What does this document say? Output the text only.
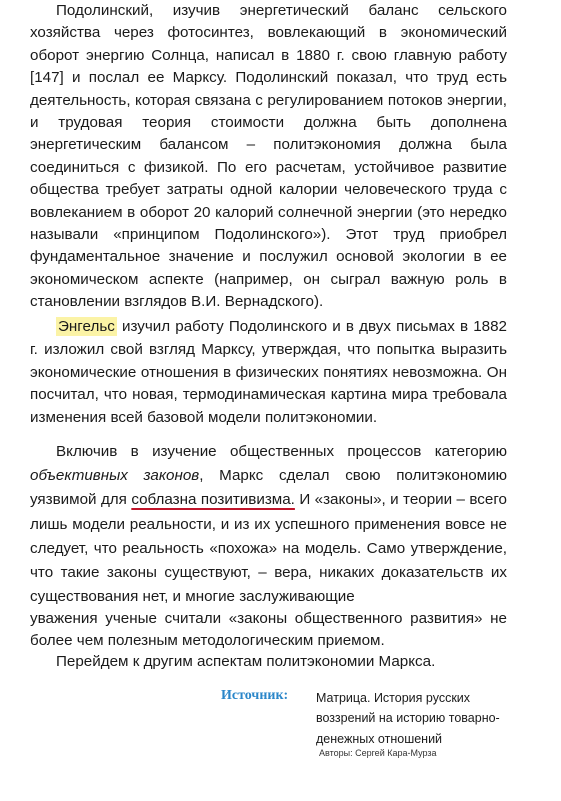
Подолинский, изучив энергетический баланс сельского хозяйства через фотосинтез, вовлекающий в экономический оборот энергию Солнца, написал в 1880 г. свою главную работу [147] и послал ее Марксу. Подолинский показал, что труд есть деятельность, которая связана с регулированием потоков энергии, и трудовая теория стоимости должна быть дополнена энергетическим балансом – политэкономия должна была соединиться с физикой. По его расчетам, устойчивое развитие общества требует затраты одной калории человеческого труда с вовлеканием в оборот 20 калорий солнечной энергии (это нередко называли «принципом Подолинского»). Этот труд приобрел фундаментальное значение и послужил основой экологии в ее экономическом аспекте (например, он сыграл важную роль в становлении взглядов В.И. Вернадского).

Энгельс изучил работу Подолинского и в двух письмах в 1882 г. изложил свой взгляд Марксу, утверждая, что попытка выразить экономические отношения в физических понятиях невозможна. Он посчитал, что новая, термодинамическая картина мира требовала изменения всей базовой модели политэкономии.

Включив в изучение общественных процессов категорию объективных законов, Маркс сделал свою политэкономию уязвимой для соблазна позитивизма. И «законы», и теории – всего лишь модели реальности, и из их успешного применения вовсе не следует, что реальность «похожа» на модель. Само утверждение, что такие законы существуют, – вера, никаких доказательств их существования нет, и многие заслуживающие

уважения ученые считали «законы общественного развития» не более чем полезным методологическим приемом.

Перейдем к другим аспектам политэкономии Маркса.

Источник: Матрица. История русских воззрений на историю товарно-денежных отношений
Авторы: Сергей Кара-Мурза
